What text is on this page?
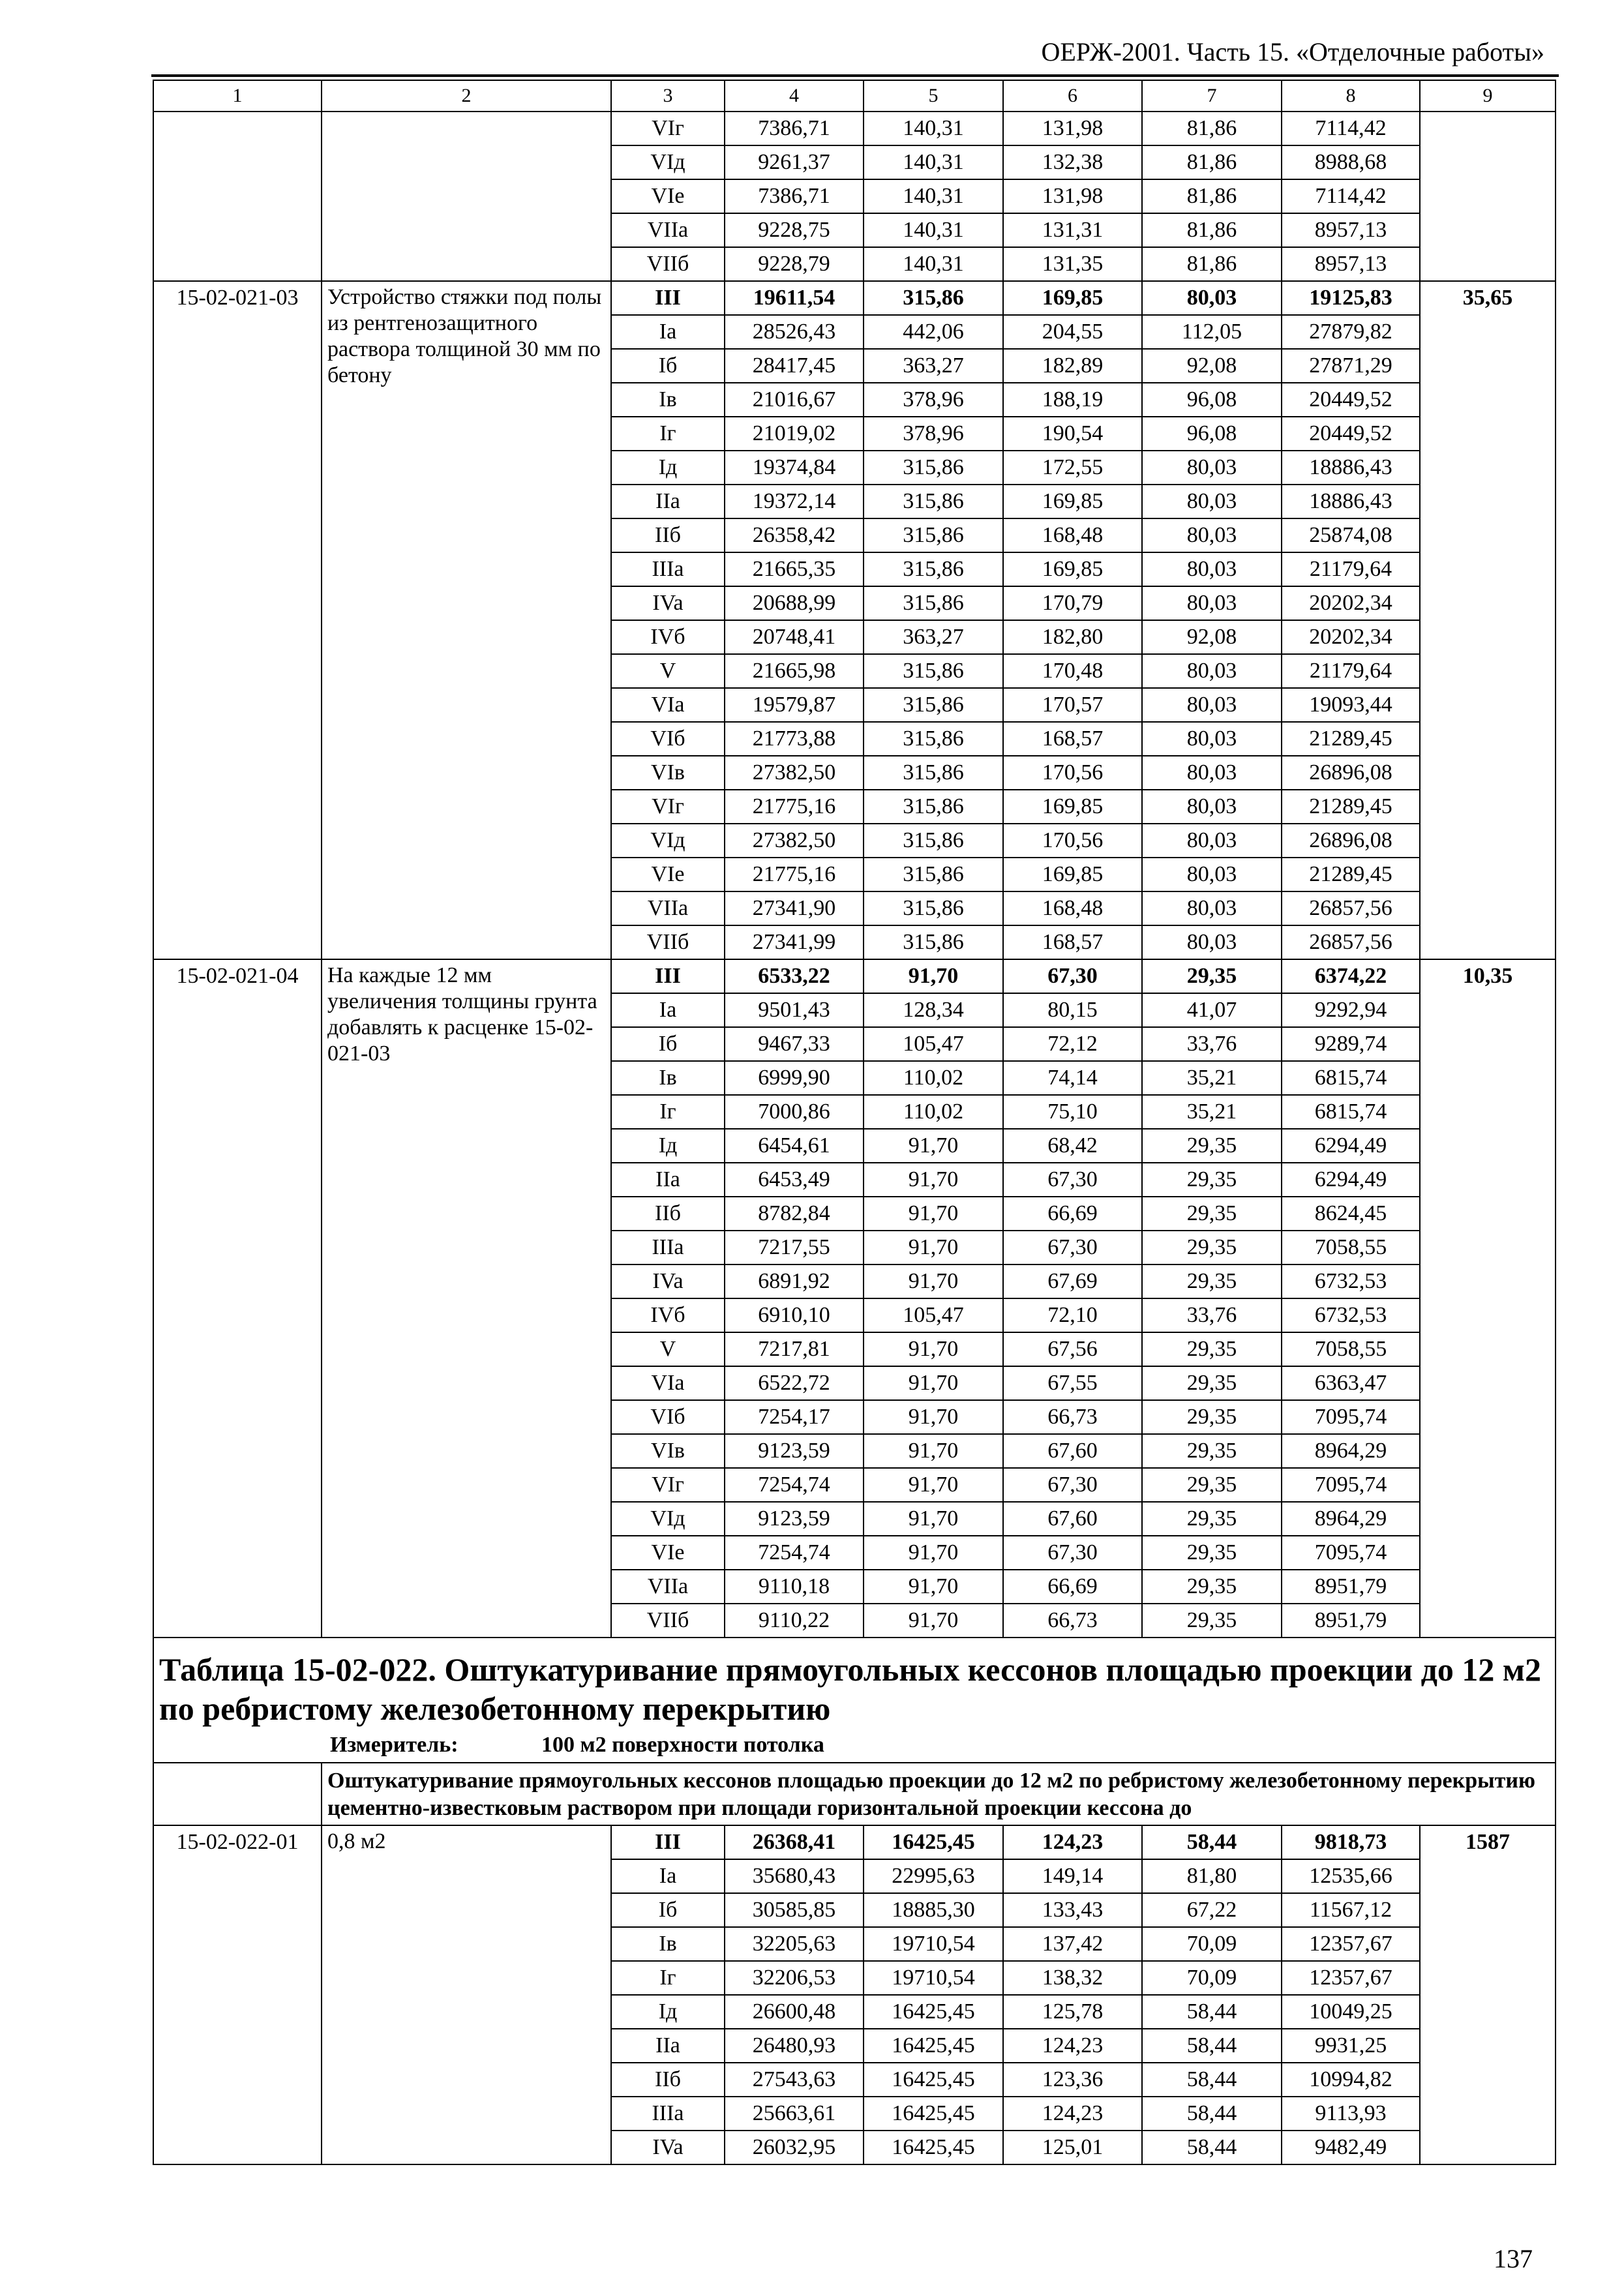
ОЕРЖ-2001. Часть 15. «Отделочные работы»
1	2	3	4	5	6	7	8	9
		VIг	7386,71	140,31	131,98	81,86	7114,42	
		VIд	9261,37	140,31	132,38	81,86	8988,68	
		VIe	7386,71	140,31	131,98	81,86	7114,42	
		VIIa	9228,75	140,31	131,31	81,86	8957,13	
		VIIб	9228,79	140,31	131,35	81,86	8957,13	
15-02-021-03	Устройство стяжки под полы из рентгенозащитного раствора толщиной 30 мм по бетону	III	19611,54	315,86	169,85	80,03	19125,83	35,65
		Ia	28526,43	442,06	204,55	112,05	27879,82	
		Iб	28417,45	363,27	182,89	92,08	27871,29	
		Iв	21016,67	378,96	188,19	96,08	20449,52	
		Iг	21019,02	378,96	190,54	96,08	20449,52	
		Iд	19374,84	315,86	172,55	80,03	18886,43	
		IIa	19372,14	315,86	169,85	80,03	18886,43	
		IIб	26358,42	315,86	168,48	80,03	25874,08	
		IIIa	21665,35	315,86	169,85	80,03	21179,64	
		IVa	20688,99	315,86	170,79	80,03	20202,34	
		IVб	20748,41	363,27	182,80	92,08	20202,34	
		V	21665,98	315,86	170,48	80,03	21179,64	
		VIa	19579,87	315,86	170,57	80,03	19093,44	
		VIб	21773,88	315,86	168,57	80,03	21289,45	
		VIв	27382,50	315,86	170,56	80,03	26896,08	
		VIг	21775,16	315,86	169,85	80,03	21289,45	
		VIд	27382,50	315,86	170,56	80,03	26896,08	
		VIe	21775,16	315,86	169,85	80,03	21289,45	
		VIIa	27341,90	315,86	168,48	80,03	26857,56	
		VIIб	27341,99	315,86	168,57	80,03	26857,56	
15-02-021-04	На каждые 12 мм увеличения толщины грунта добавлять к расценке 15-02-021-03	III	6533,22	91,70	67,30	29,35	6374,22	10,35
		Ia	9501,43	128,34	80,15	41,07	9292,94	
		Iб	9467,33	105,47	72,12	33,76	9289,74	
		Iв	6999,90	110,02	74,14	35,21	6815,74	
		Iг	7000,86	110,02	75,10	35,21	6815,74	
		Iд	6454,61	91,70	68,42	29,35	6294,49	
		IIa	6453,49	91,70	67,30	29,35	6294,49	
		IIб	8782,84	91,70	66,69	29,35	8624,45	
		IIIa	7217,55	91,70	67,30	29,35	7058,55	
		IVa	6891,92	91,70	67,69	29,35	6732,53	
		IVб	6910,10	105,47	72,10	33,76	6732,53	
		V	7217,81	91,70	67,56	29,35	7058,55	
		VIa	6522,72	91,70	67,55	29,35	6363,47	
		VIб	7254,17	91,70	66,73	29,35	7095,74	
		VIв	9123,59	91,70	67,60	29,35	8964,29	
		VIг	7254,74	91,70	67,30	29,35	7095,74	
		VIд	9123,59	91,70	67,60	29,35	8964,29	
		VIe	7254,74	91,70	67,30	29,35	7095,74	
		VIIa	9110,18	91,70	66,69	29,35	8951,79	
		VIIб	9110,22	91,70	66,73	29,35	8951,79	

Таблица 15-02-022. Оштукатуривание прямоугольных кессонов площадью проекции до 12 м2 по ребристому железобетонному перекрытию
Измеритель: 100 м2 поверхности потолка								

	Оштукатуривание прямоугольных кессонов площадью проекции до 12 м2 по ребристому железобетонному перекрытию цементно-известковым раствором при площади горизонтальной проекции кессона до							
15-02-022-01	0,8 м2	III	26368,41	16425,45	124,23	58,44	9818,73	1587
		Ia	35680,43	22995,63	149,14	81,80	12535,66	
		Iб	30585,85	18885,30	133,43	67,22	11567,12	
		Iв	32205,63	19710,54	137,42	70,09	12357,67	
		Iг	32206,53	19710,54	138,32	70,09	12357,67	
		Iд	26600,48	16425,45	125,78	58,44	10049,25	
		IIa	26480,93	16425,45	124,23	58,44	9931,25	
		IIб	27543,63	16425,45	123,36	58,44	10994,82	
		IIIa	25663,61	16425,45	124,23	58,44	9113,93	
		IVa	26032,95	16425,45	125,01	58,44	9482,49	
137
